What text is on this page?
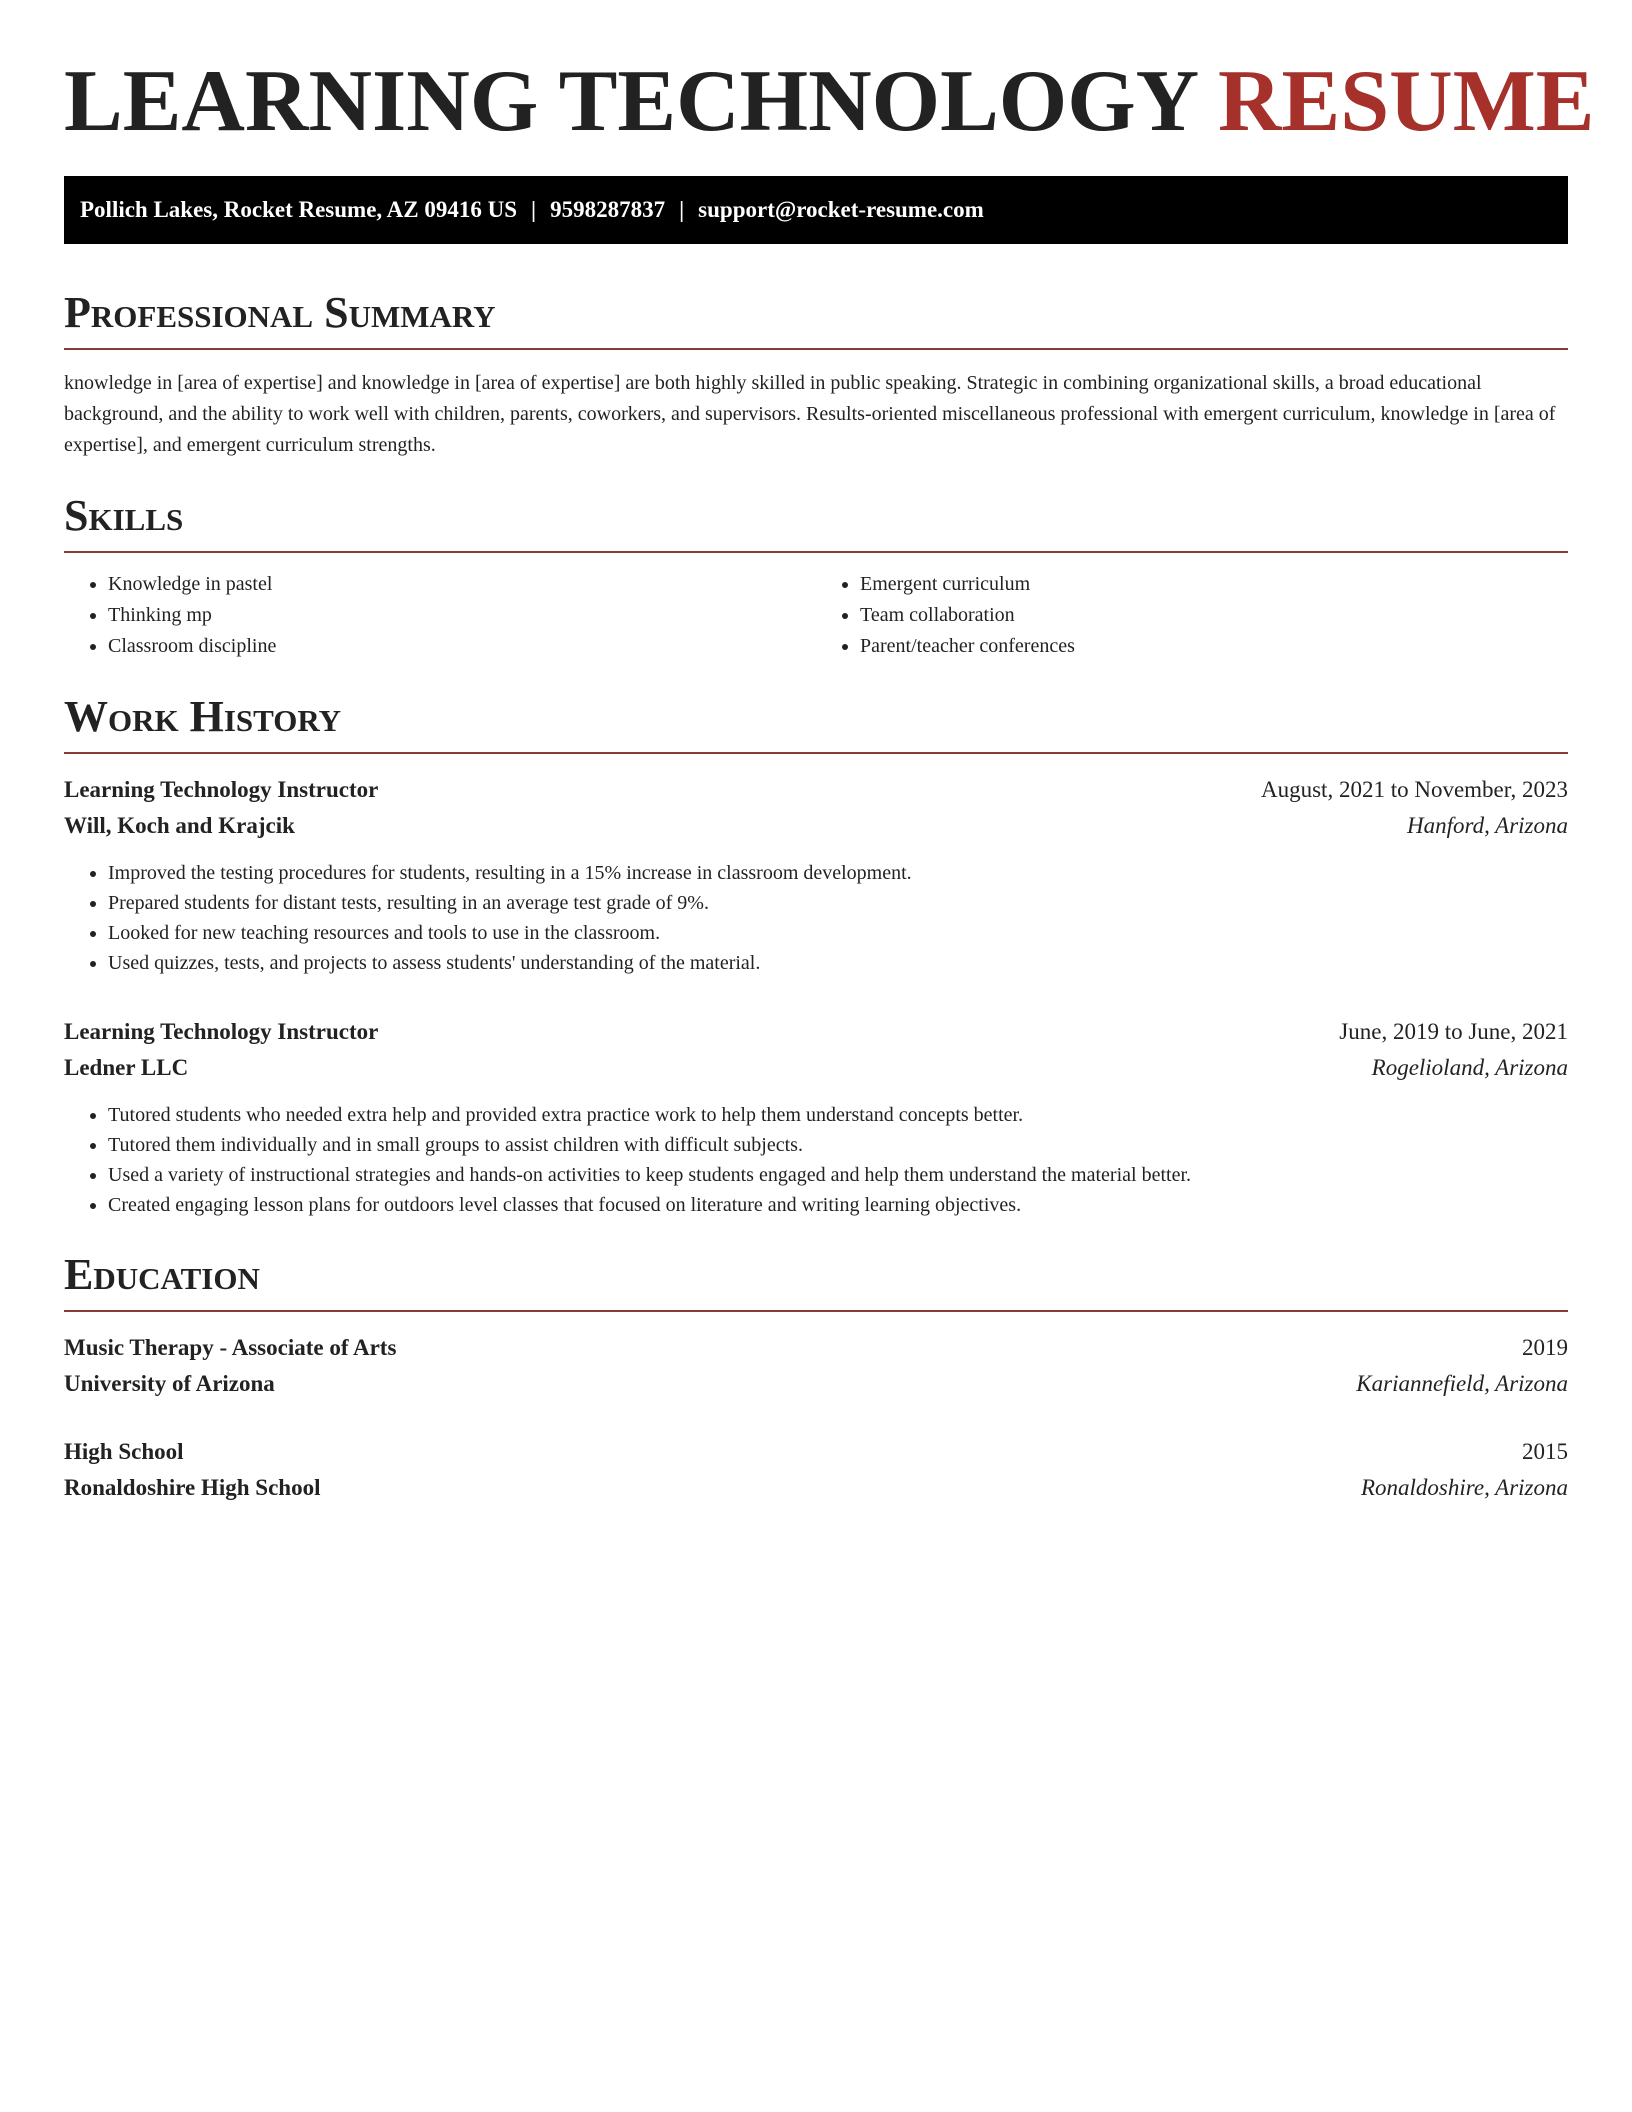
LEARNING TECHNOLOGY RESUME
Pollich Lakes, Rocket Resume, AZ 09416 US | 9598287837 | support@rocket-resume.com
Professional Summary

knowledge in [area of expertise] and knowledge in [area of expertise] are both highly skilled in public speaking. Strategic in combining organizational skills, a broad educational background, and the ability to work well with children, parents, coworkers, and supervisors. Results-oriented miscellaneous professional with emergent curriculum, knowledge in [area of expertise], and emergent curriculum strengths.

Skills
• Knowledge in pastel
• Thinking mp
• Classroom discipline
• Emergent curriculum
• Team collaboration
• Parent/teacher conferences
Work History
Learning Technology Instructor	August, 2021 to November, 2023
Will, Koch and Krajcik	Hanford, Arizona
• Improved the testing procedures for students, resulting in a 15% increase in classroom development.
• Prepared students for distant tests, resulting in an average test grade of 9%.
• Looked for new teaching resources and tools to use in the classroom.
• Used quizzes, tests, and projects to assess students' understanding of the material.
Learning Technology Instructor	June, 2019 to June, 2021
Ledner LLC	Rogelioland, Arizona
• Tutored students who needed extra help and provided extra practice work to help them understand concepts better.
• Tutored them individually and in small groups to assist children with difficult subjects.
• Used a variety of instructional strategies and hands-on activities to keep students engaged and help them understand the material better.
• Created engaging lesson plans for outdoors level classes that focused on literature and writing learning objectives.
Education
Music Therapy - Associate of Arts	2019
University of Arizona	Kariannefield, Arizona
High School	2015
Ronaldoshire High School	Ronaldoshire, Arizona
